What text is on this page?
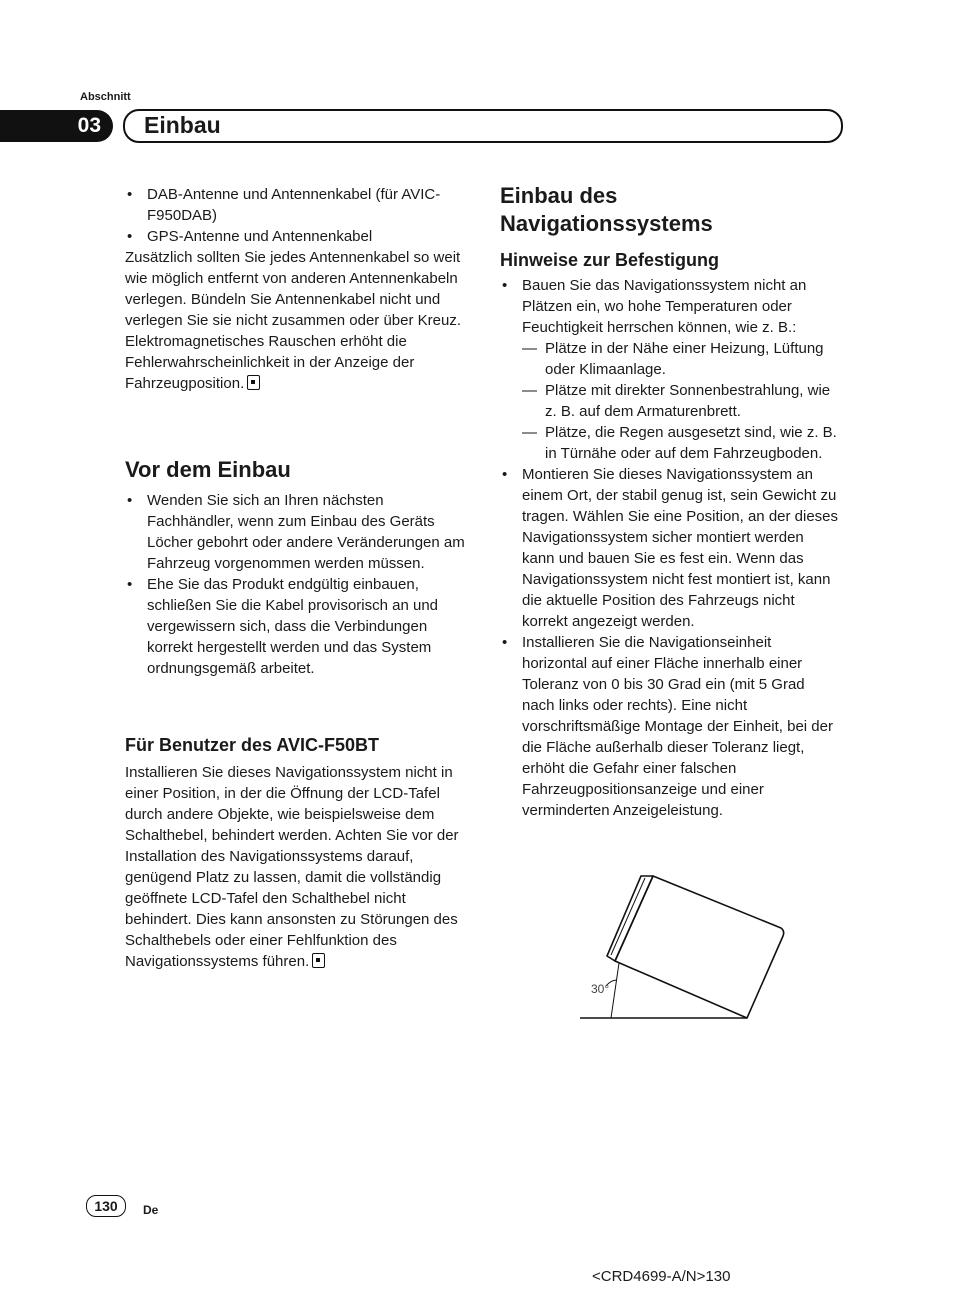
Abschnitt
03 Einbau
• DAB-Antenne und Antennenkabel (für AVIC-F950DAB)
• GPS-Antenne und Antennenkabel

Zusätzlich sollten Sie jedes Antennenkabel so weit wie möglich entfernt von anderen Antennenkabeln verlegen. Bündeln Sie Antennenkabel nicht und verlegen Sie sie nicht zusammen oder über Kreuz. Elektromagnetisches Rauschen erhöht die Fehlerwahrscheinlichkeit in der Anzeige der Fahrzeugposition.

Vor dem Einbau
• Wenden Sie sich an Ihren nächsten Fachhändler, wenn zum Einbau des Geräts Löcher gebohrt oder andere Veränderungen am Fahrzeug vorgenommen werden müssen.
• Ehe Sie das Produkt endgültig einbauen, schließen Sie die Kabel provisorisch an und vergewissern sich, dass die Verbindungen korrekt hergestellt werden und das System ordnungsgemäß arbeitet.
Für Benutzer des AVIC-F50BT

Installieren Sie dieses Navigationssystem nicht in einer Position, in der die Öffnung der LCD-Tafel durch andere Objekte, wie beispielsweise dem Schalthebel, behindert werden. Achten Sie vor der Installation des Navigationssystems darauf, genügend Platz zu lassen, damit die vollständig geöffnete LCD-Tafel den Schalthebel nicht behindert. Dies kann ansonsten zu Störungen des Schalthebels oder einer Fehlfunktion des Navigationssystems führen.

Einbau des
Navigationssystems
Hinweise zur Befestigung
• Bauen Sie das Navigationssystem nicht an Plätzen ein, wo hohe Temperaturen oder Feuchtigkeit herrschen können, wie z. B.:
— Plätze in der Nähe einer Heizung, Lüftung oder Klimaanlage.
— Plätze mit direkter Sonnenbestrahlung, wie z. B. auf dem Armaturenbrett.
— Plätze, die Regen ausgesetzt sind, wie z. B. in Türnähe oder auf dem Fahrzeugboden.
• Montieren Sie dieses Navigationssystem an einem Ort, der stabil genug ist, sein Gewicht zu tragen. Wählen Sie eine Position, an der dieses Navigationssystem sicher montiert werden kann und bauen Sie es fest ein. Wenn das Navigationssystem nicht fest montiert ist, kann die aktuelle Position des Fahrzeugs nicht korrekt angezeigt werden.
• Installieren Sie die Navigationseinheit horizontal auf einer Fläche innerhalb einer Toleranz von 0 bis 30 Grad ein (mit 5 Grad nach links oder rechts). Eine nicht vorschriftsmäßige Montage der Einheit, bei der die Fläche außerhalb dieser Toleranz liegt, erhöht die Gefahr einer falschen Fahrzeugpositionsanzeige und einer verminderten Anzeigeleistung.
30°
130	De
<CRD4699-A/N>130
